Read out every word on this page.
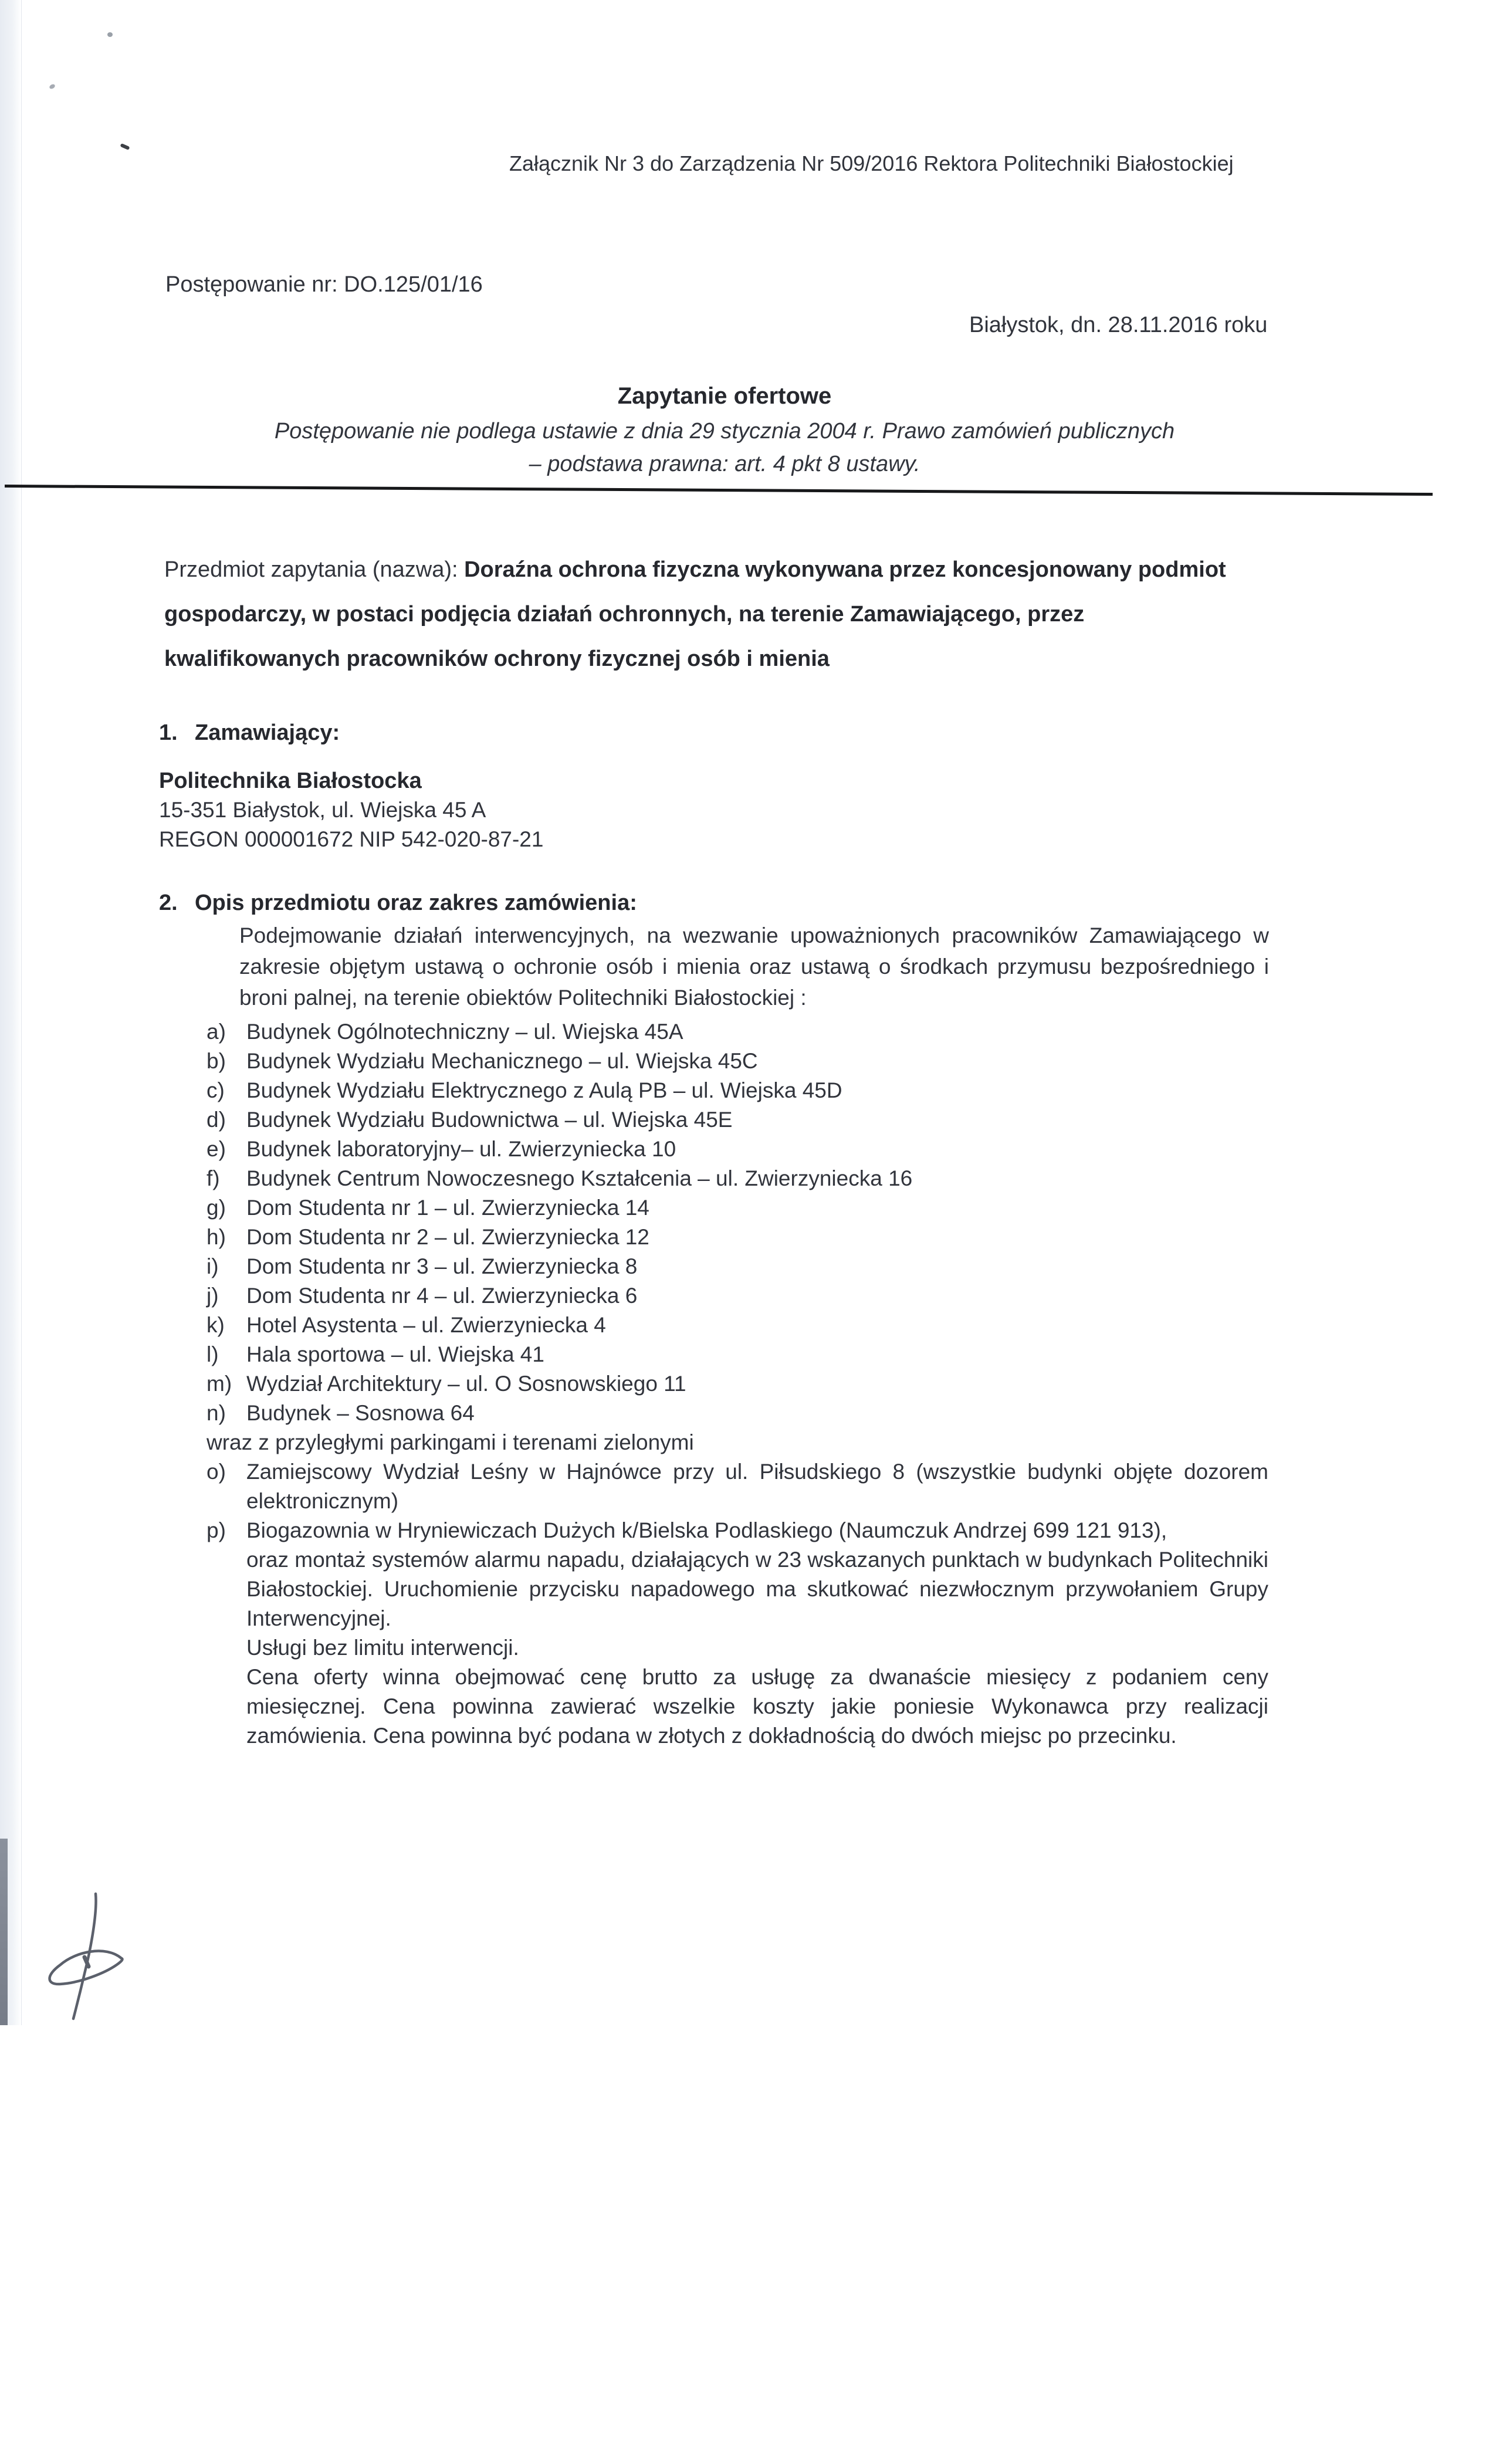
Załącznik Nr 3 do Zarządzenia Nr 509/2016 Rektora Politechniki Białostockiej
Postępowanie nr: DO.125/01/16
Białystok, dn. 28.11.2016 roku
Zapytanie ofertowe
Postępowanie nie podlega ustawie z dnia 29 stycznia 2004 r. Prawo zamówień publicznych
– podstawa prawna: art. 4 pkt 8 ustawy.
Przedmiot zapytania (nazwa): Doraźna ochrona fizyczna wykonywana przez koncesjonowany podmiot gospodarczy, w postaci podjęcia działań ochronnych, na terenie Zamawiającego, przez kwalifikowanych pracowników ochrony fizycznej osób i mienia
1. Zamawiający:
Politechnika Białostocka
15-351 Białystok, ul. Wiejska 45 A
REGON 000001672 NIP 542-020-87-21
2. Opis przedmiotu oraz zakres zamówienia:
Podejmowanie działań interwencyjnych, na wezwanie upoważnionych pracowników Zamawiającego w zakresie objętym ustawą o ochronie osób i mienia oraz ustawą o środkach przymusu bezpośredniego i broni palnej, na terenie obiektów Politechniki Białostockiej :
a) Budynek Ogólnotechniczny – ul. Wiejska 45A
b) Budynek Wydziału Mechanicznego – ul. Wiejska 45C
c) Budynek Wydziału Elektrycznego z Aulą PB – ul. Wiejska 45D
d) Budynek Wydziału Budownictwa – ul. Wiejska 45E
e) Budynek laboratoryjny– ul. Zwierzyniecka 10
f) Budynek Centrum Nowoczesnego Kształcenia – ul. Zwierzyniecka 16
g) Dom Studenta nr 1 – ul. Zwierzyniecka 14
h) Dom Studenta nr 2 – ul. Zwierzyniecka 12
i) Dom Studenta nr 3 – ul. Zwierzyniecka 8
j) Dom Studenta nr 4 – ul. Zwierzyniecka 6
k) Hotel Asystenta – ul. Zwierzyniecka 4
l) Hala sportowa – ul. Wiejska 41
m) Wydział Architektury – ul. O Sosnowskiego 11
n) Budynek – Sosnowa 64
wraz z przyległymi parkingami i terenami zielonymi
o) Zamiejscowy Wydział Leśny w Hajnówce przy ul. Piłsudskiego 8 (wszystkie budynki objęte dozorem elektronicznym)
p) Biogazownia w Hryniewiczach Dużych k/Bielska Podlaskiego (Naumczuk Andrzej 699 121 913),
oraz montaż systemów alarmu napadu, działających w 23 wskazanych punktach w budynkach Politechniki Białostockiej. Uruchomienie przycisku napadowego ma skutkować niezwłocznym przywołaniem Grupy Interwencyjnej.
Usługi bez limitu interwencji.
Cena oferty winna obejmować cenę brutto za usługę za dwanaście miesięcy z podaniem ceny miesięcznej. Cena powinna zawierać wszelkie koszty jakie poniesie Wykonawca przy realizacji zamówienia. Cena powinna być podana w złotych z dokładnością do dwóch miejsc po przecinku.
